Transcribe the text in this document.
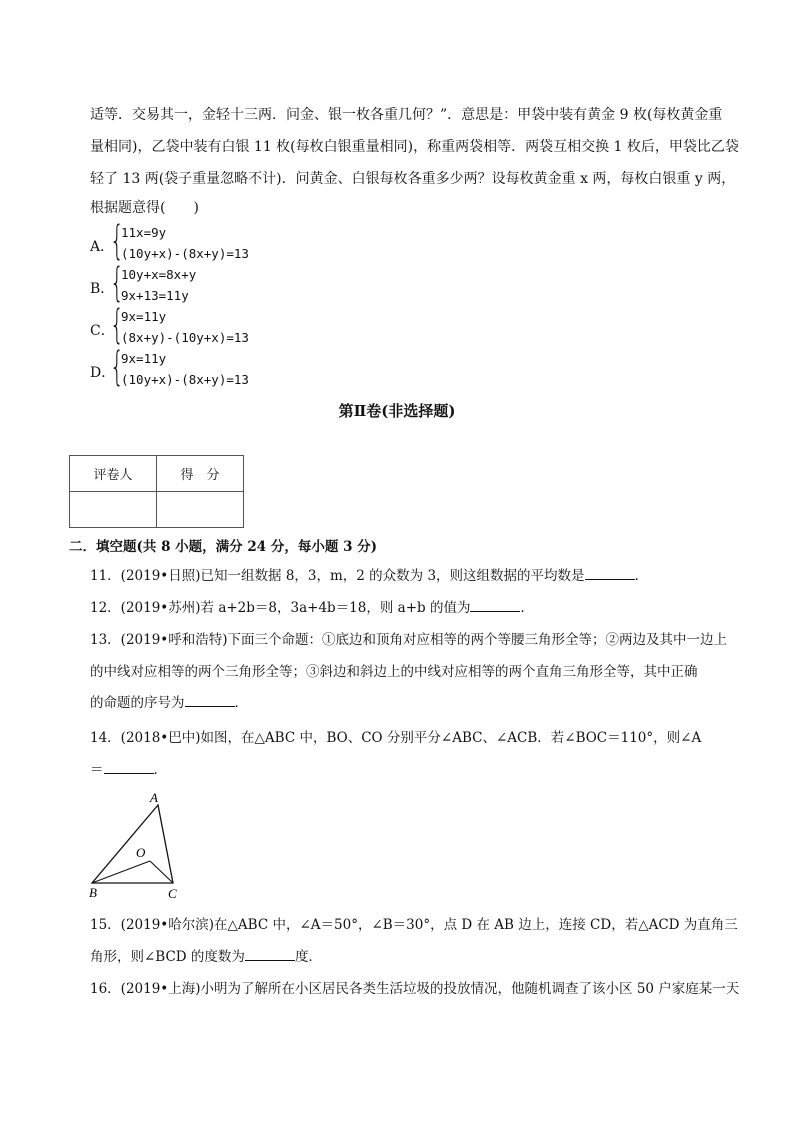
适等．交易其一，金轻十三两．问金、银一枚各重几何？”．意思是：甲袋中装有黄金 9 枚(每枚黄金重
量相同)，乙袋中装有白银 11 枚(每枚白银重量相同)，称重两袋相等．两袋互相交换 1 枚后，甲袋比乙袋
轻了 13 两(袋子重量忽略不计)．问黄金、白银每枚各重多少两？设每枚黄金重 x 两，每枚白银重 y 两，
根据题意得(　　)
A．
{
11x=9y
(10y+x)-(8x+y)=13
B．
{
10y+x=8x+y
9x+13=11y
C．
{
9x=11y
(8x+y)-(10y+x)=13
D．
{
9x=11y
(10y+x)-(8x+y)=13
第Ⅱ卷(非选择题)
评卷人	得　分

二．填空题(共 8 小题，满分 24 分，每小题 3 分)
11．(2019•日照)已知一组数据 8，3，m，2 的众数为 3，则这组数据的平均数是	．
12．(2019•苏州)若 a+2b＝8，3a+4b＝18，则 a+b 的值为	．
13．(2019•呼和浩特)下面三个命题：①底边和顶角对应相等的两个等腰三角形全等；②两边及其中一边上
的中线对应相等的两个三角形全等；③斜边和斜边上的中线对应相等的两个直角三角形全等，其中正确
的命题的序号为	．
14．(2018•巴中)如图，在△ABC 中，BO、CO 分别平分∠ABC、∠ACB．若∠BOC＝110°，则∠A
＝	．
A
B	C
O
15．(2019•哈尔滨)在△ABC 中，∠A＝50°，∠B＝30°，点 D 在 AB 边上，连接 CD，若△ACD 为直角三
角形，则∠BCD 的度数为	度．
16．(2019•上海)小明为了解所在小区居民各类生活垃圾的投放情况，他随机调查了该小区 50 户家庭某一天
